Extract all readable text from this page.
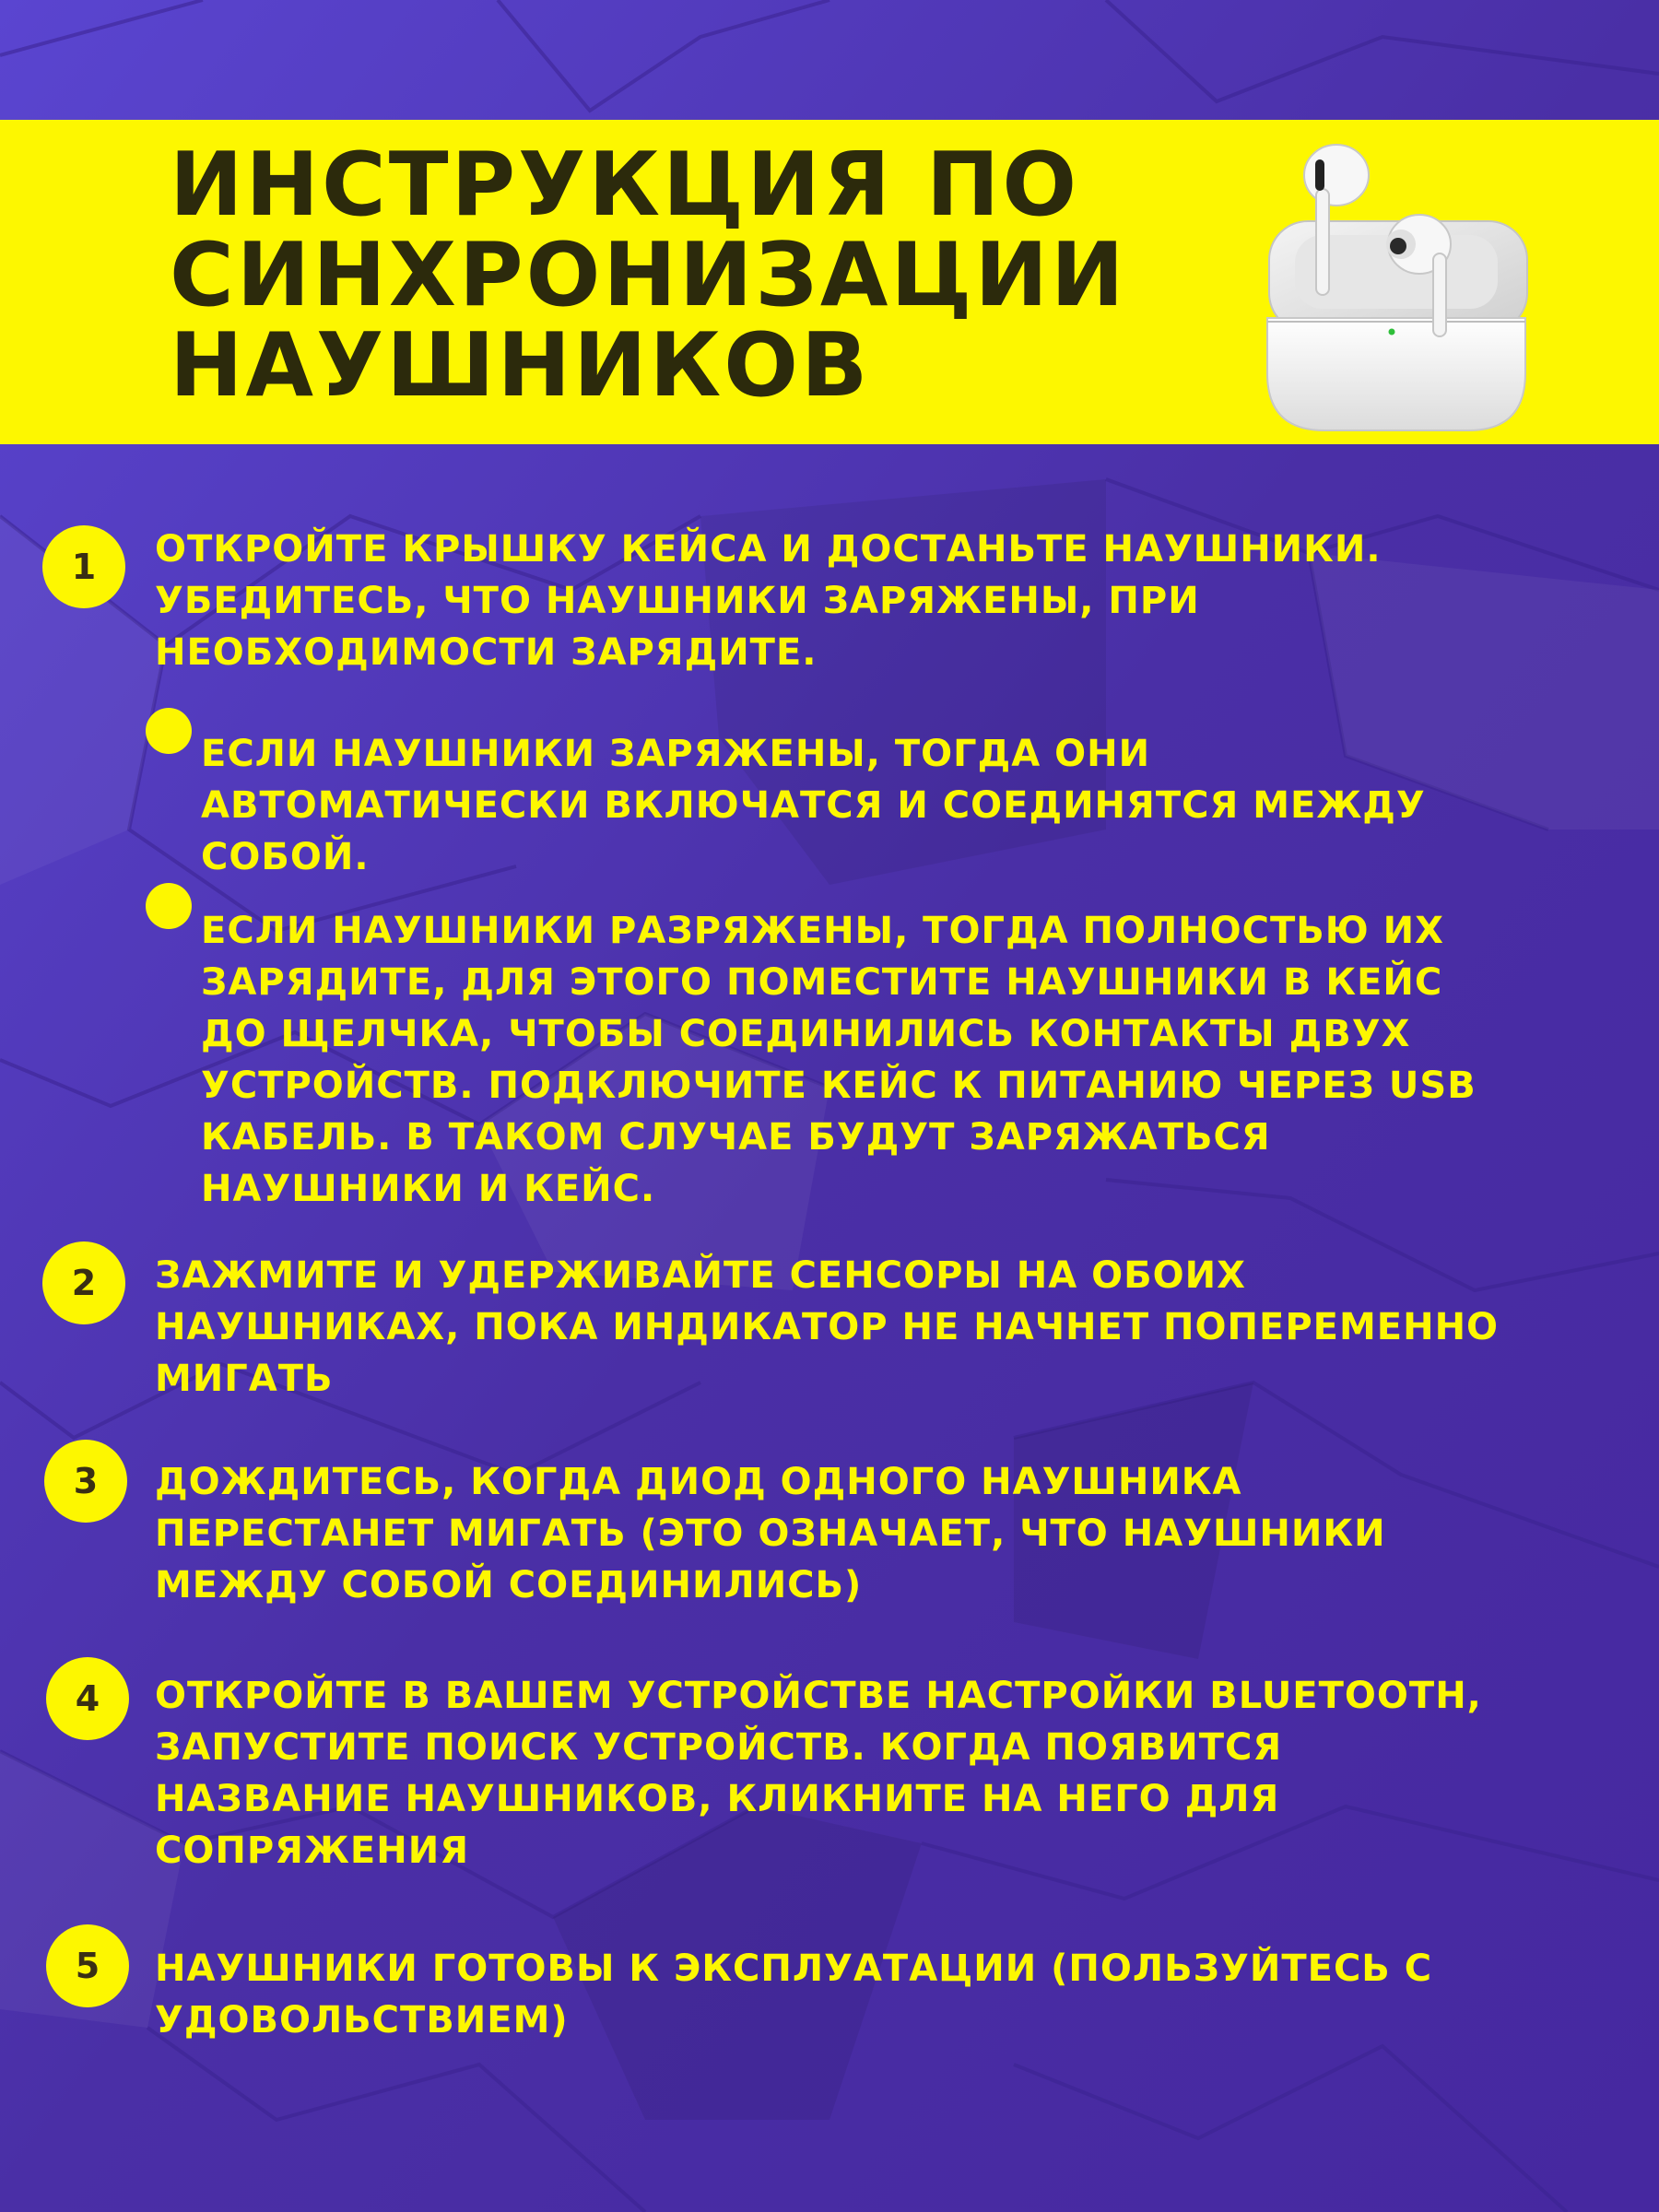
ИНСТРУКЦИЯ ПО
СИНХРОНИЗАЦИИ
НАУШНИКОВ
1	ОТКРОЙТЕ КРЫШКУ КЕЙСА И ДОСТАНЬТЕ НАУШНИКИ.
УБЕДИТЕСЬ, ЧТО НАУШНИКИ ЗАРЯЖЕНЫ, ПРИ
НЕОБХОДИМОСТИ ЗАРЯДИТЕ.

ЕСЛИ НАУШНИКИ ЗАРЯЖЕНЫ, ТОГДА ОНИ
АВТОМАТИЧЕСКИ ВКЛЮЧАТСЯ И СОЕДИНЯТСЯ МЕЖДУ
СОБОЙ.

ЕСЛИ НАУШНИКИ РАЗРЯЖЕНЫ, ТОГДА ПОЛНОСТЬЮ ИХ
ЗАРЯДИТЕ, ДЛЯ ЭТОГО ПОМЕСТИТЕ НАУШНИКИ В КЕЙС
ДО ЩЕЛЧКА, ЧТОБЫ СОЕДИНИЛИСЬ КОНТАКТЫ ДВУХ
УСТРОЙСТВ. ПОДКЛЮЧИТЕ КЕЙС К ПИТАНИЮ ЧЕРЕЗ USB
КАБЕЛЬ. В ТАКОМ СЛУЧАЕ БУДУТ ЗАРЯЖАТЬСЯ
НАУШНИКИ И КЕЙС.

2	ЗАЖМИТЕ И УДЕРЖИВАЙТЕ СЕНСОРЫ НА ОБОИХ
НАУШНИКАХ, ПОКА ИНДИКАТОР НЕ НАЧНЕТ ПОПЕРЕМЕННО
МИГАТЬ

3	ДОЖДИТЕСЬ, КОГДА ДИОД ОДНОГО НАУШНИКА
ПЕРЕСТАНЕТ МИГАТЬ (ЭТО ОЗНАЧАЕТ, ЧТО НАУШНИКИ
МЕЖДУ СОБОЙ СОЕДИНИЛИСЬ)

4	ОТКРОЙТЕ В ВАШЕМ УСТРОЙСТВЕ НАСТРОЙКИ BLUETOOTH,
ЗАПУСТИТЕ ПОИСК УСТРОЙСТВ. КОГДА ПОЯВИТСЯ
НАЗВАНИЕ НАУШНИКОВ, КЛИКНИТЕ НА НЕГО ДЛЯ
СОПРЯЖЕНИЯ

5	НАУШНИКИ ГОТОВЫ К ЭКСПЛУАТАЦИИ (ПОЛЬЗУЙТЕСЬ С
УДОВОЛЬСТВИЕМ)
